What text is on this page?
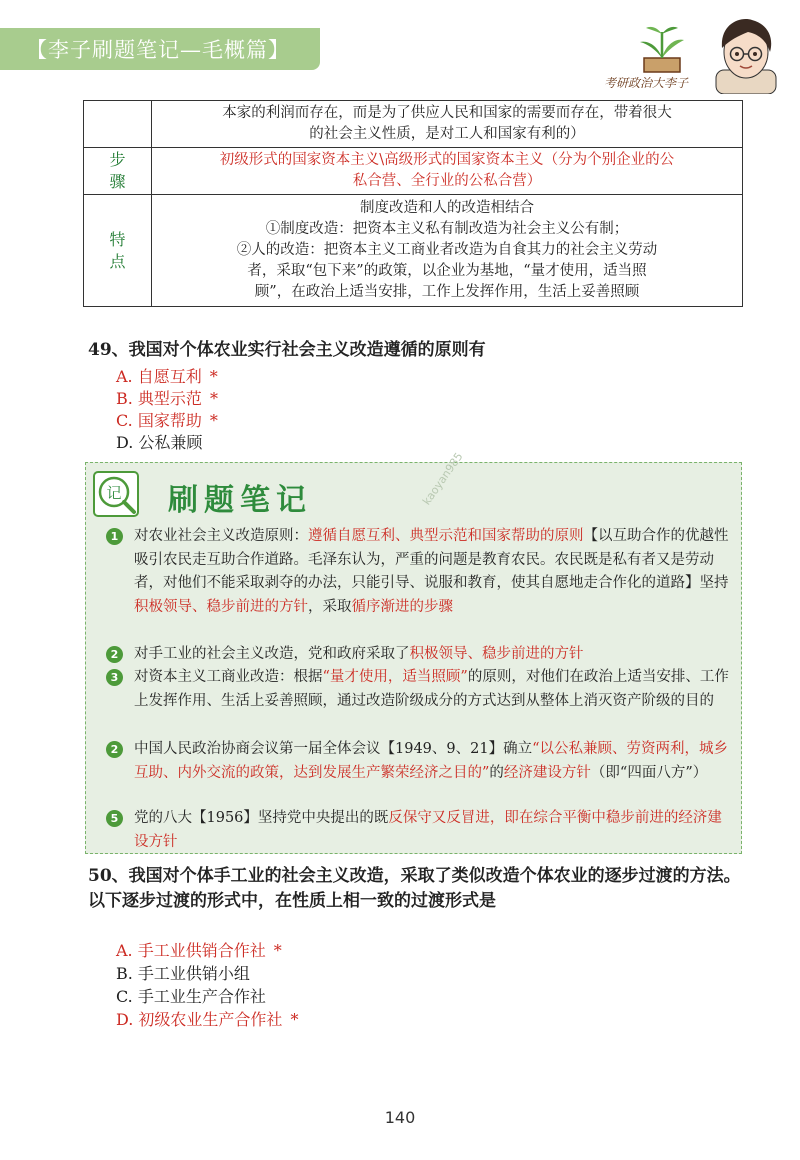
【李子刷题笔记—毛概篇】
考研政治大李子

	本家的利润而存在，而是为了供应人民和国家的需要而存在，带着很大
的社会主义性质，是对工人和国家有利的）

步骤	初级形式的国家资本主义\高级形式的国家资本主义（分为个别企业的公
私合营、全行业的公私合营）

特点	制度改造和人的改造相结合
①制度改造：把资本主义私有制改造为社会主义公有制；
②人的改造：把资本主义工商业者改造为自食其力的社会主义劳动
者，采取“包下来”的政策，以企业为基地，“量才使用，适当照
顾”，在政治上适当安排，工作上发挥作用，生活上妥善照顾
49、我国对个体农业实行社会主义改造遵循的原则有
A. 自愿互利 *
B. 典型示范 *
C. 国家帮助 *
D. 公私兼顾
记 刷题笔记	kaoyan985
1	对农业社会主义改造原则：遵循自愿互利、典型示范和国家帮助的原则【以互助合作的优越性吸引农民走互助合作道路。毛泽东认为，严重的问题是教育农民。农民既是私有者又是劳动者，对他们不能采取剥夺的办法，只能引导、说服和教育，使其自愿地走合作化的道路】坚持积极领导、稳步前进的方针，采取循序渐进的步骤
2	对手工业的社会主义改造，党和政府采取了积极领导、稳步前进的方针
3	对资本主义工商业改造：根据“量才使用，适当照顾”的原则，对他们在政治上适当安排、工作上发挥作用、生活上妥善照顾，通过改造阶级成分的方式达到从整体上消灭资产阶级的目的
2	中国人民政治协商会议第一届全体会议【1949、9、21】确立“以公私兼顾、劳资两利，城乡互助、内外交流的政策，达到发展生产繁荣经济之目的”的经济建设方针（即“四面八方”）
5	党的八大【1956】坚持党中央提出的既反保守又反冒进，即在综合平衡中稳步前进的经济建设方针
50、我国对个体手工业的社会主义改造，采取了类似改造个体农业的逐步过渡的方法。以下逐步过渡的形式中，在性质上相一致的过渡形式是
A. 手工业供销合作社 *
B. 手工业供销小组
C. 手工业生产合作社
D. 初级农业生产合作社 *
140
